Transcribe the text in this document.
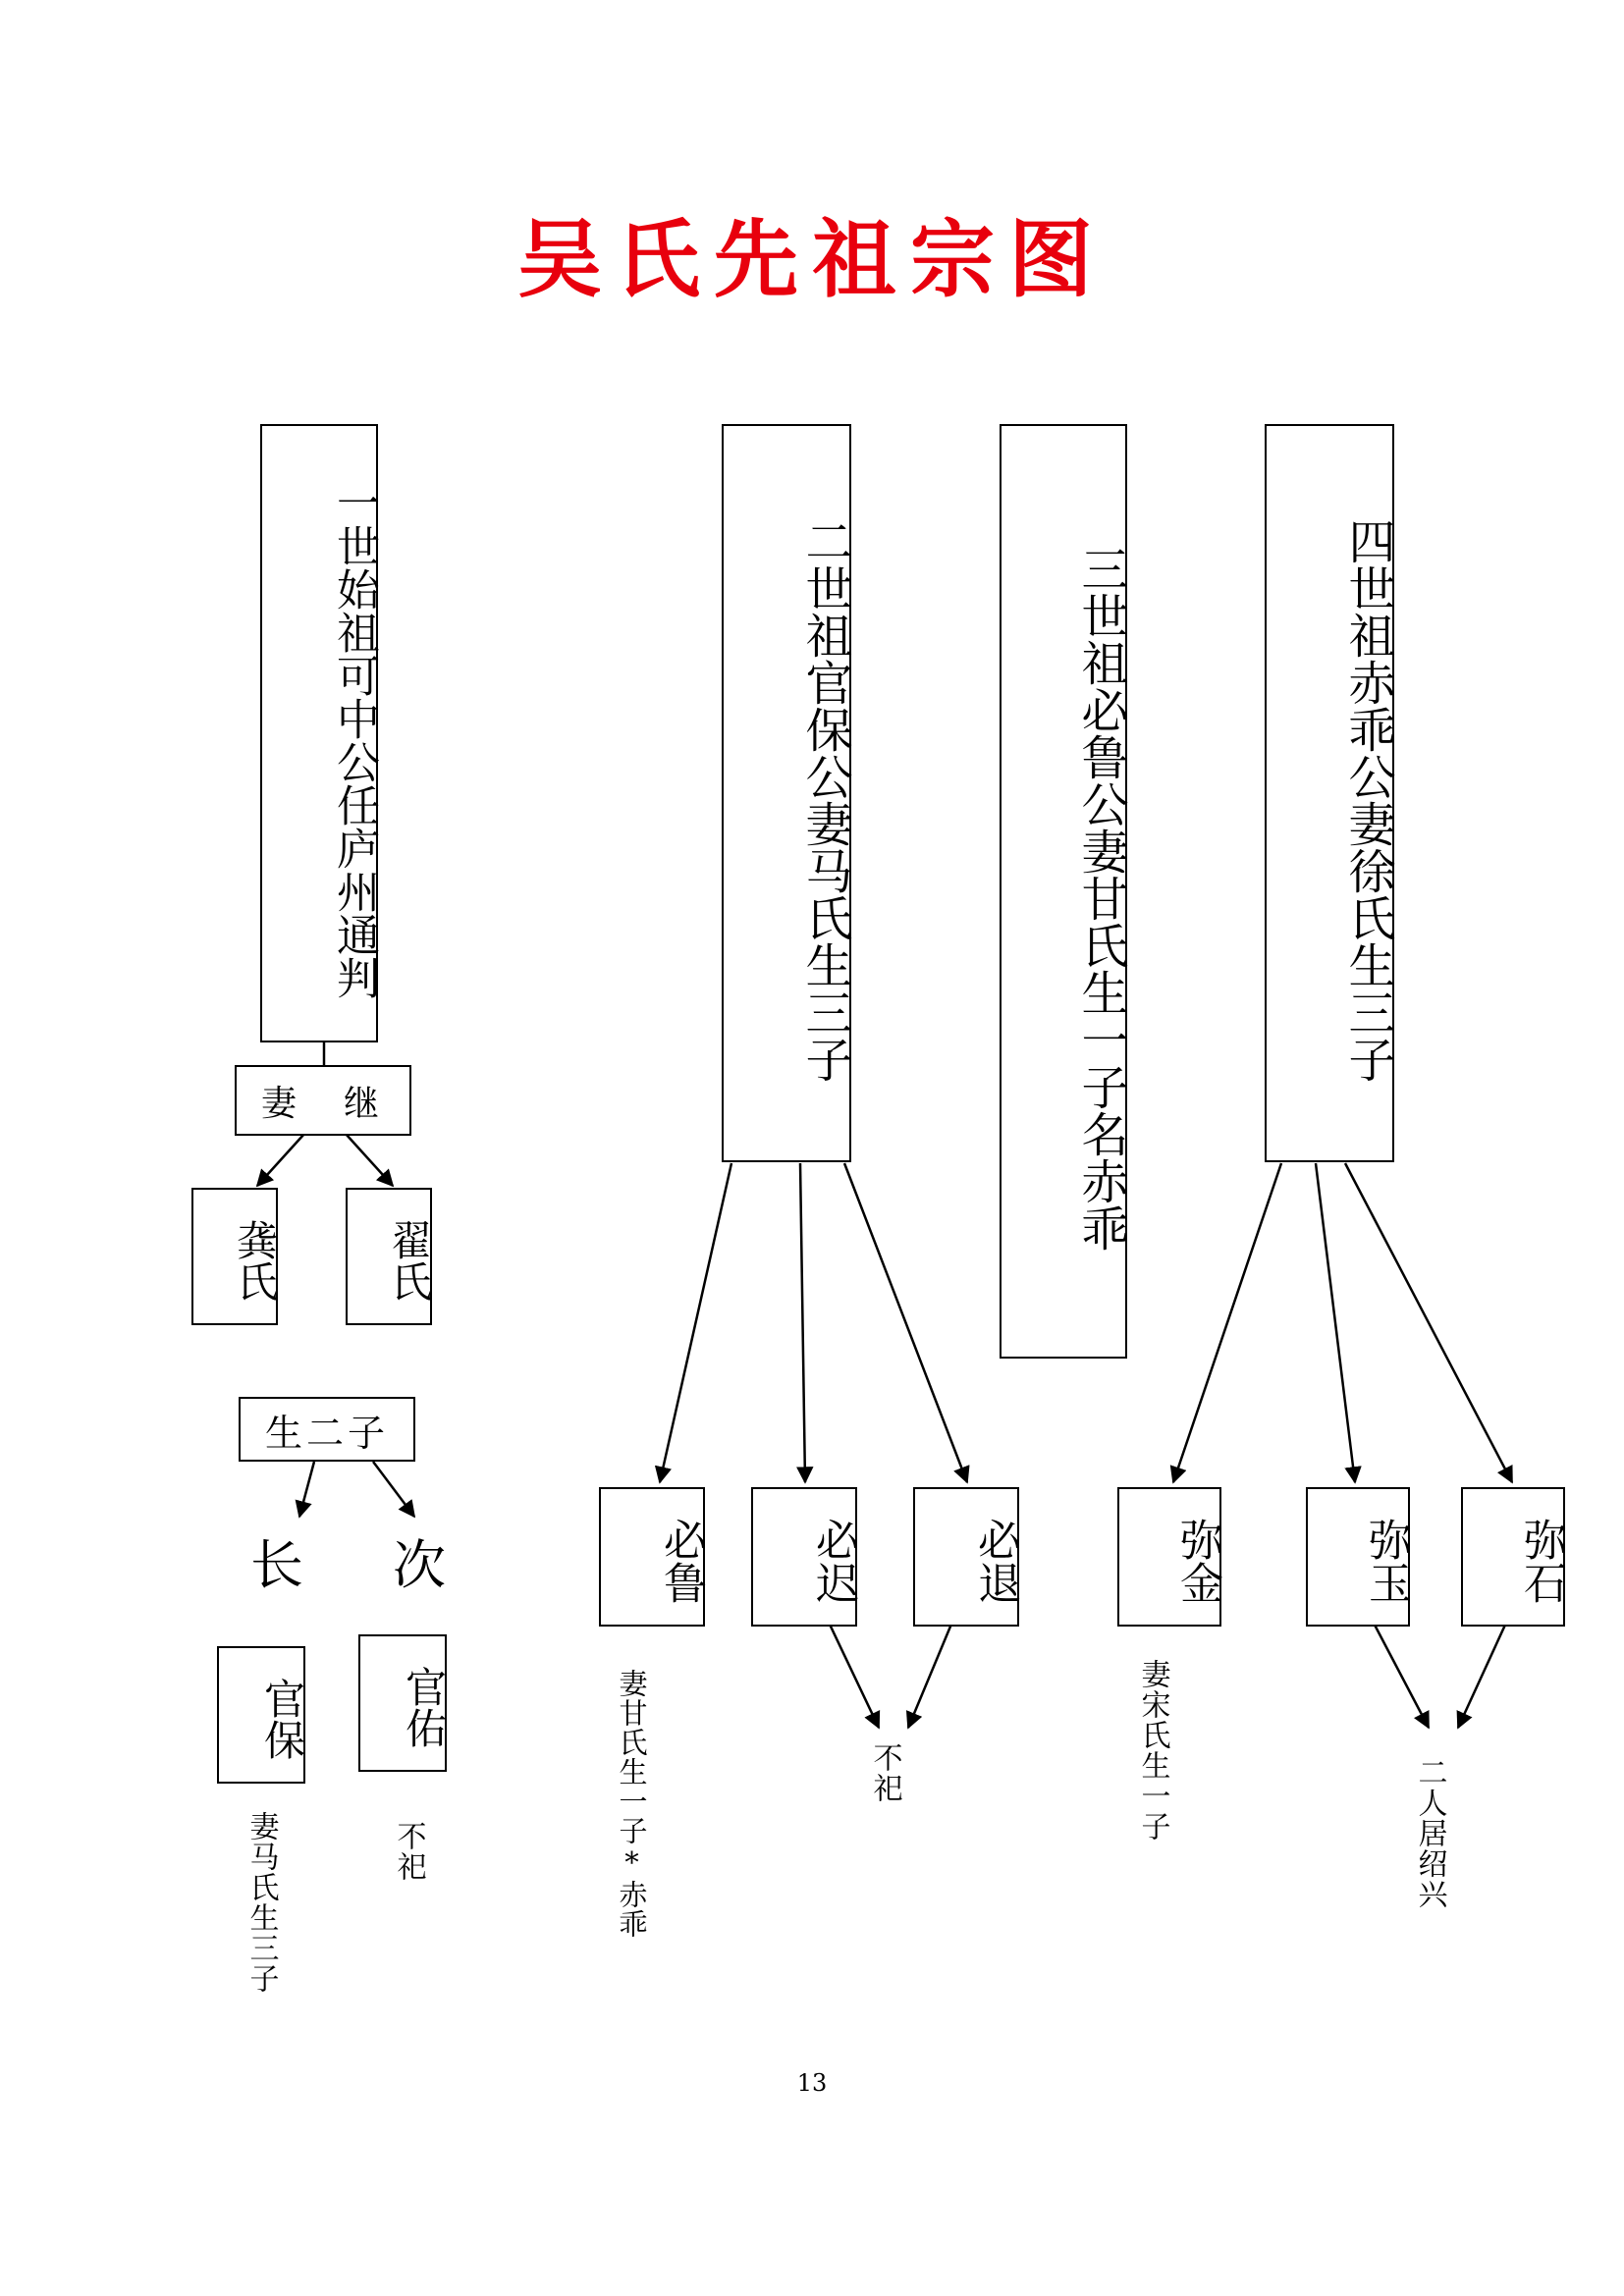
吴氏先祖宗图
一世始祖可中公任庐州通判
妻　继
龚氏	翟氏
生二子
长 次
官保 官佑
妻马氏生三子	不祀
二世祖官保公妻马氏生三子
必鲁 必迟	必退
妻甘氏生一子*赤乖	不祀
三世祖必鲁公妻甘氏生一子名赤乖	四世祖赤乖公妻徐氏生三子
弥金	弥玉 弥石
妻宋氏生一子	二人居绍兴
13
